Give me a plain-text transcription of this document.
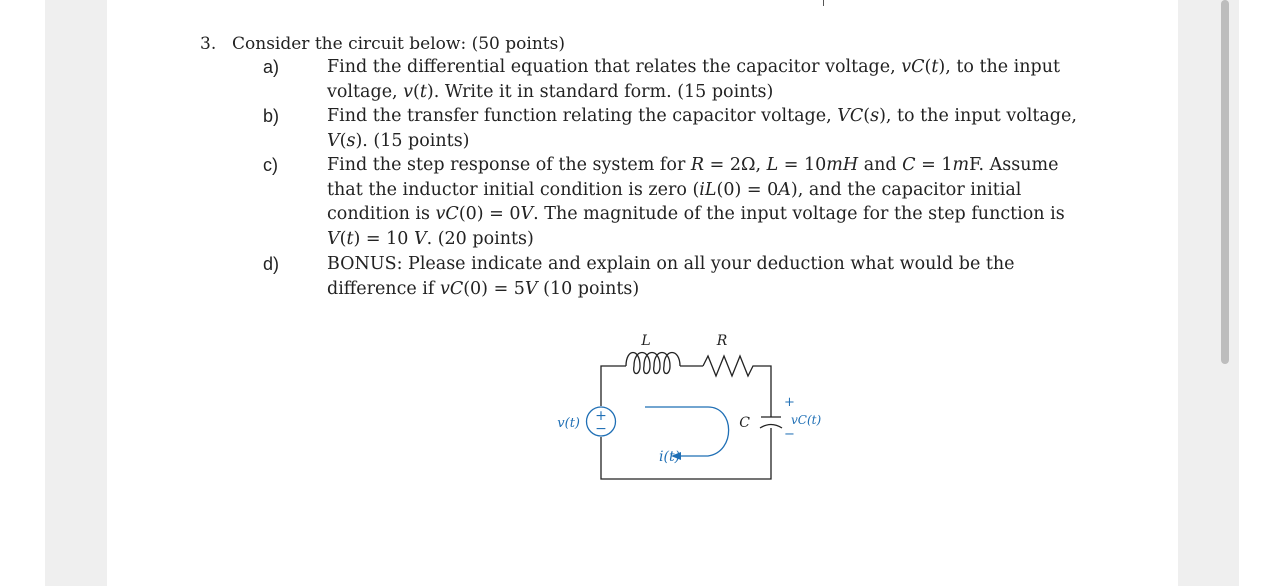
3. Consider the circuit below: (50 points)
a)	Find the differential equation that relates the capacitor voltage, 𝑣𝐶(𝑡), to the input
voltage, 𝑣(𝑡). Write it in standard form. (15 points)
b)	Find the transfer function relating the capacitor voltage, 𝑉𝐶(𝑠), to the input voltage,
𝑉(𝑠). (15 points)
c)	Find the step response of the system for 𝑅 = 2Ω, 𝐿 = 10𝑚𝐻 and 𝐶 = 1𝑚F. Assume
that the inductor initial condition is zero (𝑖𝐿(0) = 0𝐴), and the capacitor initial
condition is 𝑣𝐶(0) = 0𝑉. The magnitude of the input voltage for the step function is
𝑉(𝑡) = 10 𝑉. (20 points)
d)	BONUS: Please indicate and explain on all your deduction what would be the
difference if 𝑣𝐶(0) = 5𝑉 (10 points)
+
−
L	R
v(t)	C
+
−
vC(t)
i(t)
